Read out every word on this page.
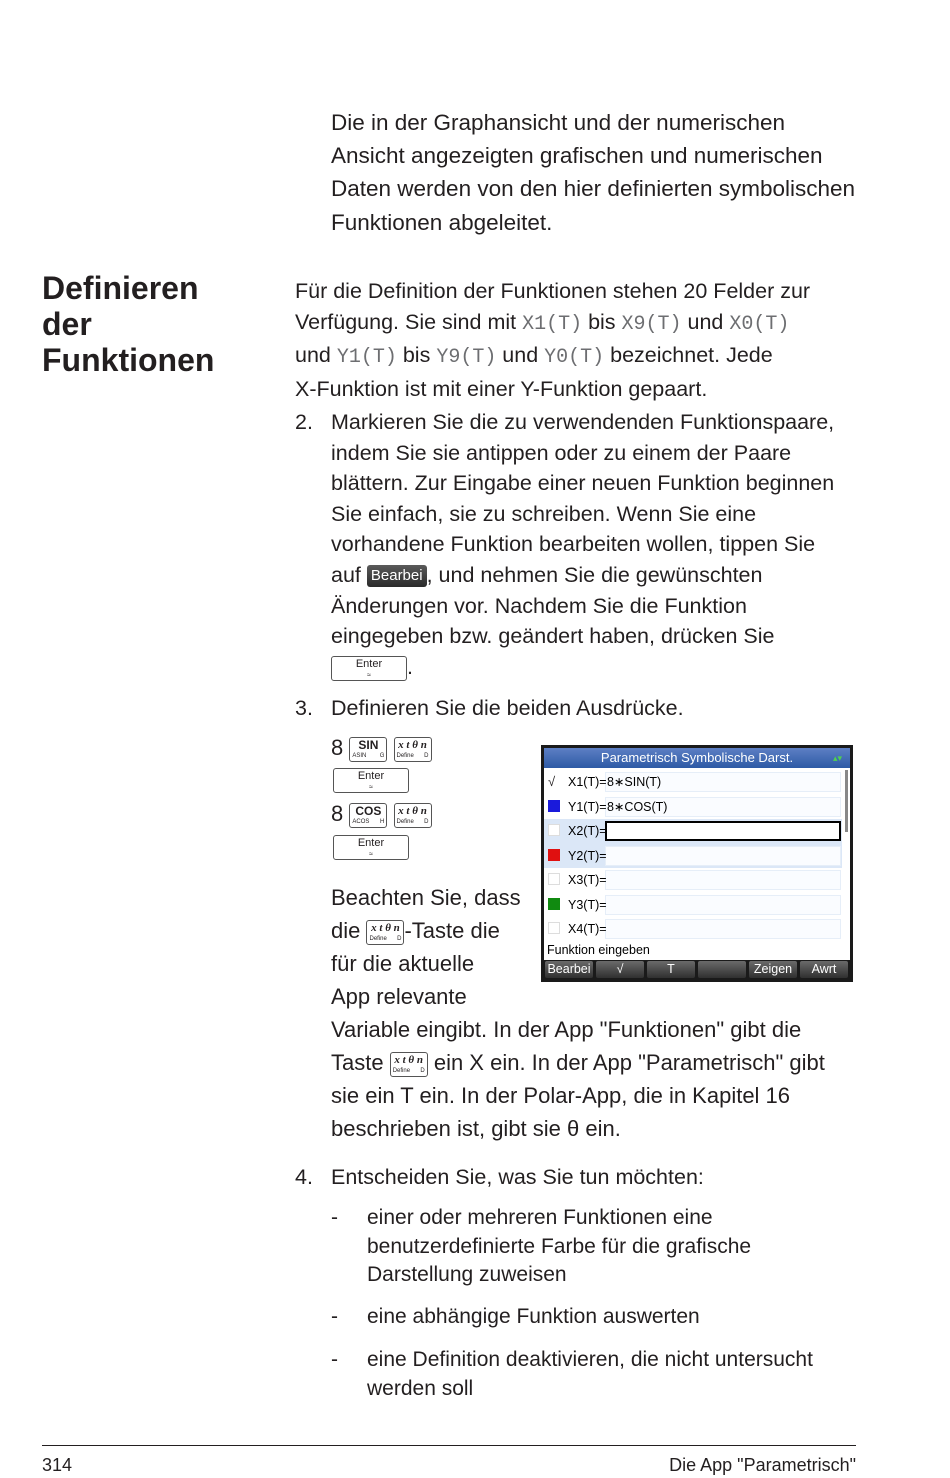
Die in der Graphansicht und der numerischen
Ansicht angezeigten grafischen und numerischen
Daten werden von den hier definierten symbolischen
Funktionen abgeleitet.
Definieren
der
Funktionen
Für die Definition der Funktionen stehen 20 Felder zur
Verfügung. Sie sind mit X1(T) bis X9(T) und X0(T)
und Y1(T) bis Y9(T) und Y0(T) bezeichnet. Jede
X-Funktion ist mit einer Y-Funktion gepaart.
2. Markieren Sie die zu verwendenden Funktionspaare,
indem Sie sie antippen oder zu einem der Paare
blättern. Zur Eingabe einer neuen Funktion beginnen
Sie einfach, sie zu schreiben. Wenn Sie eine
vorhandene Funktion bearbeiten wollen, tippen Sie
auf Bearbei , und nehmen Sie die gewünschten
Änderungen vor. Nachdem Sie die Funktion
eingegeben bzw. geändert haben, drücken Sie
Enter
≈	.
3. Definieren Sie die beiden Ausdrücke.
8	SIN
ASIN G

x t θ n
Define D
Enter
≈
8	COS
ACOS H

x t θ n
Define D
Enter
≈
Beachten Sie, dass
die x t θ n
Define D -Taste die
für die aktuelle
App relevante
Variable eingibt. In der App "Funktionen" gibt die
Taste x t θ n
Define D ein X ein. In der App "Parametrisch" gibt
sie ein T ein. In der Polar-App, die in Kapitel 16
beschrieben ist, gibt sie θ ein.
Parametrisch Symbolische Darst.	▴▾
√	X1(T)= 8∗SIN(T)
Y1(T)= 8∗COS(T)
X2(T)=
Y2(T)=
X3(T)=
Y3(T)=
X4(T)=
Funktion eingeben
Bearbei	√	T	Zeigen	Awrt
4. Entscheiden Sie, was Sie tun möchten:
- einer oder mehreren Funktionen eine
benutzerdefinierte Farbe für die grafische
Darstellung zuweisen
- eine abhängige Funktion auswerten
- eine Definition deaktivieren, die nicht untersucht
werden soll
314	Die App "Parametrisch"
